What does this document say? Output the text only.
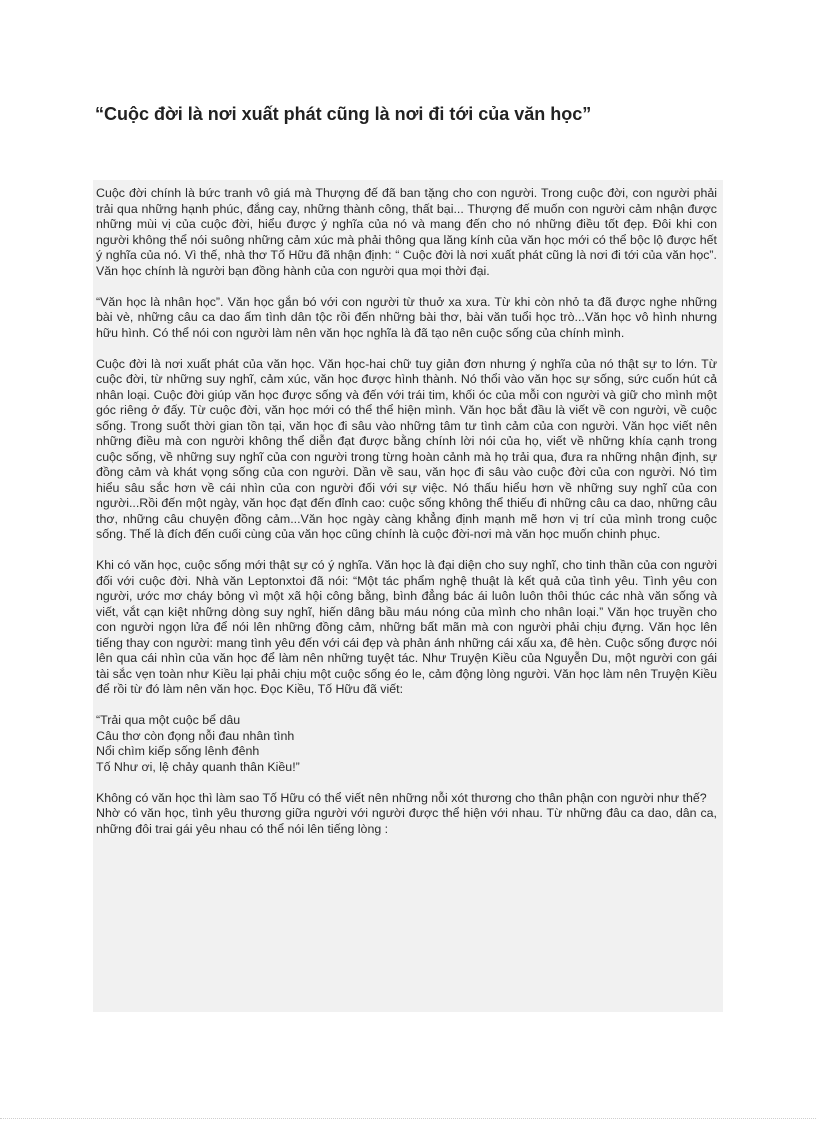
“Cuộc đời là nơi xuất phát cũng là nơi đi tới của văn học”

Cuộc đời chính là bức tranh vô giá mà Thượng đế đã ban tặng cho con người. Trong cuộc đời, con người phải trải qua những hạnh phúc, đắng cay, những thành công, thất bại... Thượng đế muốn con người cảm nhận được những mùi vị của cuộc đời, hiểu được ý nghĩa của nó và mang đến cho nó những điều tốt đẹp. Đôi khi con người không thể nói suông những cảm xúc mà phải thông qua lăng kính của văn học mới có thể bộc lộ được hết ý nghĩa của nó. Vì thế, nhà thơ Tố Hữu đã nhận định: “ Cuộc đời là nơi xuất phát cũng là nơi đi tới của văn học”. Văn học chính là người bạn đồng hành của con người qua mọi thời đại.

“Văn học là nhân học”. Văn học gắn bó với con người từ thuở xa xưa. Từ khi còn nhỏ ta đã được nghe những bài vè, những câu ca dao ấm tình dân tộc rồi đến những bài thơ, bài văn tuổi học trò...Văn học vô hình nhưng hữu hình. Có thể nói con người làm nên văn học nghĩa là đã tạo nên cuộc sống của chính mình.

Cuộc đời là nơi xuất phát của văn học. Văn học-hai chữ tuy giản đơn nhưng ý nghĩa của nó thật sự to lớn. Từ cuộc đời, từ những suy nghĩ, cảm xúc, văn học được hình thành. Nó thổi vào văn học sự sống, sức cuốn hút cả nhân loại. Cuộc đời giúp văn học được sống và đến với trái tim, khối óc của mỗi con người và giữ cho mình một góc riêng ở đấy. Từ cuộc đời, văn học mới có thể thể hiện mình. Văn học bắt đầu là viết về con người, về cuộc sống. Trong suốt thời gian tồn tại, văn học đi sâu vào những tâm tư tình cảm của con người. Văn học viết nên những điều mà con người không thể diễn đạt được bằng chính lời nói của họ, viết về những khía cạnh trong cuộc sống, về những suy nghĩ của con người trong từng hoàn cảnh mà họ trải qua, đưa ra những nhận định, sự đồng cảm và khát vọng sống của con người. Dần về sau, văn học đi sâu vào cuộc đời của con người. Nó tìm hiểu sâu sắc hơn về cái nhìn của con người đối với sự việc. Nó thấu hiểu hơn về những suy nghĩ của con người...Rồi đến một ngày, văn học đạt đến đỉnh cao: cuộc sống không thể thiếu đi những câu ca dao, những câu thơ, những câu chuyện đồng cảm...Văn học ngày càng khẳng định mạnh mẽ hơn vị trí của mình trong cuộc sống. Thế là đích đến cuối cùng của văn học cũng chính là cuộc đời-nơi mà văn học muốn chinh phục.

Khi có văn học, cuộc sống mới thật sự có ý nghĩa. Văn học là đại diện cho suy nghĩ, cho tinh thần của con người đối với cuộc đời. Nhà văn Leptonxtoi đã nói: “Một tác phẩm nghệ thuật là kết quả của tình yêu. Tình yêu con người, ước mơ cháy bỏng vì một xã hội công bằng, bình đẳng bác ái luôn luôn thôi thúc các nhà văn sống và viết, vắt cạn kiệt những dòng suy nghĩ, hiến dâng bầu máu nóng của mình cho nhân loại.” Văn học truyền cho con người ngọn lửa để nói lên những đồng cảm, những bất mãn mà con người phải chịu đựng. Văn học lên tiếng thay con người: mang tình yêu đến với cái đẹp và phản ánh những cái xấu xa, đê hèn. Cuộc sống được nói lên qua cái nhìn của văn học để làm nên những tuyệt tác. Như Truyện Kiều của Nguyễn Du, một người con gái tài sắc vẹn toàn như Kiều lại phải chịu một cuộc sống éo le, cảm động lòng người. Văn học làm nên Truyện Kiều để rồi từ đó làm nên văn học. Đọc Kiều, Tố Hữu đã viết:

“Trải qua một cuộc bể dâu
Câu thơ còn đọng nỗi đau nhân tình
Nổi chìm kiếp sống lênh đênh
Tố Như ơi, lệ chảy quanh thân Kiều!”

Không có văn học thì làm sao Tố Hữu có thể viết nên những nỗi xót thương cho thân phận con người như thế?

Nhờ có văn học, tình yêu thương giữa người với người được thể hiện với nhau. Từ những đâu ca dao, dân ca, những đôi trai gái yêu nhau có thể nói lên tiếng lòng :
